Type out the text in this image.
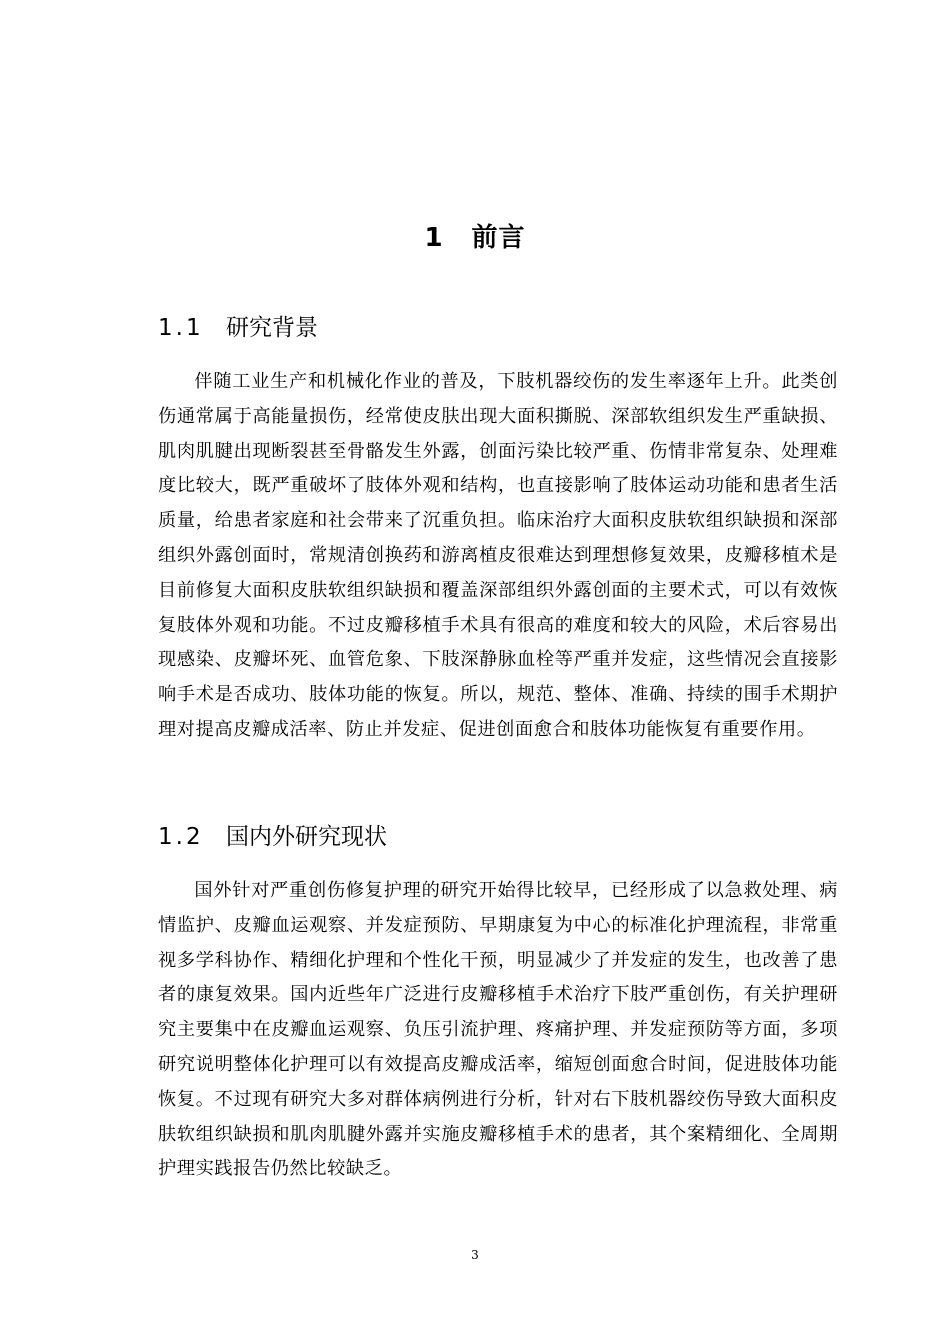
1 前言
1.1 研究背景

伴随工业生产和机械化作业的普及，下肢机器绞伤的发生率逐年上升。此类创伤通常属于高能量损伤，经常使皮肤出现大面积撕脱、深部软组织发生严重缺损、肌肉肌腱出现断裂甚至骨骼发生外露，创面污染比较严重、伤情非常复杂、处理难度比较大，既严重破坏了肢体外观和结构，也直接影响了肢体运动功能和患者生活质量，给患者家庭和社会带来了沉重负担。临床治疗大面积皮肤软组织缺损和深部组织外露创面时，常规清创换药和游离植皮很难达到理想修复效果，皮瓣移植术是目前修复大面积皮肤软组织缺损和覆盖深部组织外露创面的主要术式，可以有效恢复肢体外观和功能。不过皮瓣移植手术具有很高的难度和较大的风险，术后容易出现感染、皮瓣坏死、血管危象、下肢深静脉血栓等严重并发症，这些情况会直接影响手术是否成功、肢体功能的恢复。所以，规范、整体、准确、持续的围手术期护理对提高皮瓣成活率、防止并发症、促进创面愈合和肢体功能恢复有重要作用。

1.2 国内外研究现状

国外针对严重创伤修复护理的研究开始得比较早，已经形成了以急救处理、病情监护、皮瓣血运观察、并发症预防、早期康复为中心的标准化护理流程，非常重视多学科协作、精细化护理和个性化干预，明显减少了并发症的发生，也改善了患者的康复效果。国内近些年广泛进行皮瓣移植手术治疗下肢严重创伤，有关护理研究主要集中在皮瓣血运观察、负压引流护理、疼痛护理、并发症预防等方面，多项研究说明整体化护理可以有效提高皮瓣成活率，缩短创面愈合时间，促进肢体功能恢复。不过现有研究大多对群体病例进行分析，针对右下肢机器绞伤导致大面积皮肤软组织缺损和肌肉肌腱外露并实施皮瓣移植手术的患者，其个案精细化、全周期护理实践报告仍然比较缺乏。

3
